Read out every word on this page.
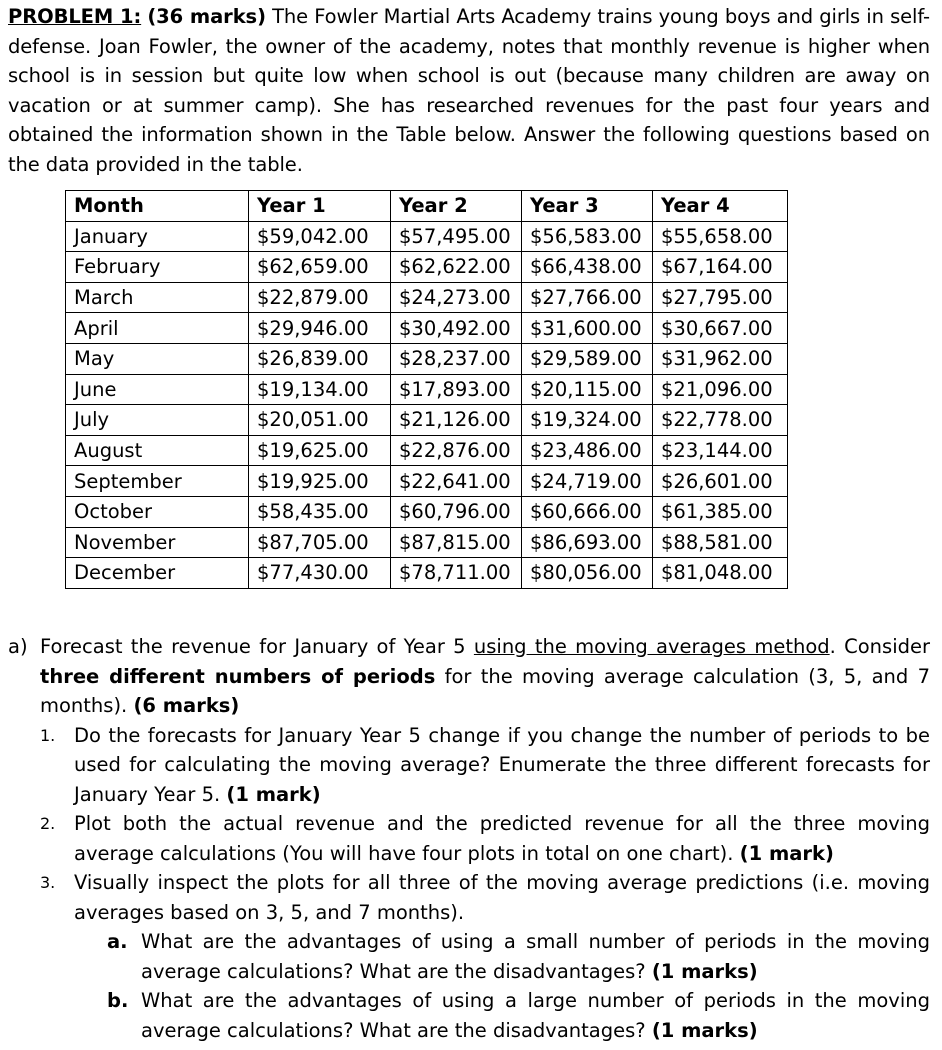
PROBLEM 1: (36 marks) The Fowler Martial Arts Academy trains young boys and girls in self-defense. Joan Fowler, the owner of the academy, notes that monthly revenue is higher when school is in session but quite low when school is out (because many children are away on vacation or at summer camp). She has researched revenues for the past four years and obtained the information shown in the Table below. Answer the following questions based on the data provided in the table.

Month	Year 1	Year 2	Year 3	Year 4
January	$59,042.00	$57,495.00	$56,583.00	$55,658.00
February	$62,659.00	$62,622.00	$66,438.00	$67,164.00
March	$22,879.00	$24,273.00	$27,766.00	$27,795.00
April	$29,946.00	$30,492.00	$31,600.00	$30,667.00
May	$26,839.00	$28,237.00	$29,589.00	$31,962.00
June	$19,134.00	$17,893.00	$20,115.00	$21,096.00
July	$20,051.00	$21,126.00	$19,324.00	$22,778.00
August	$19,625.00	$22,876.00	$23,486.00	$23,144.00
September	$19,925.00	$22,641.00	$24,719.00	$26,601.00
October	$58,435.00	$60,796.00	$60,666.00	$61,385.00
November	$87,705.00	$87,815.00	$86,693.00	$88,581.00
December	$77,430.00	$78,711.00	$80,056.00	$81,048.00
a) Forecast the revenue for January of Year 5 using the moving averages method. Consider three different numbers of periods for the moving average calculation (3, 5, and 7 months). (6 marks)
1. Do the forecasts for January Year 5 change if you change the number of periods to be used for calculating the moving average? Enumerate the three different forecasts for January Year 5. (1 mark)
2. Plot both the actual revenue and the predicted revenue for all the three moving average calculations (You will have four plots in total on one chart). (1 mark)
3. Visually inspect the plots for all three of the moving average predictions (i.e. moving averages based on 3, 5, and 7 months).
a. What are the advantages of using a small number of periods in the moving average calculations? What are the disadvantages? (1 marks)
b. What are the advantages of using a large number of periods in the moving average calculations? What are the disadvantages? (1 marks)
